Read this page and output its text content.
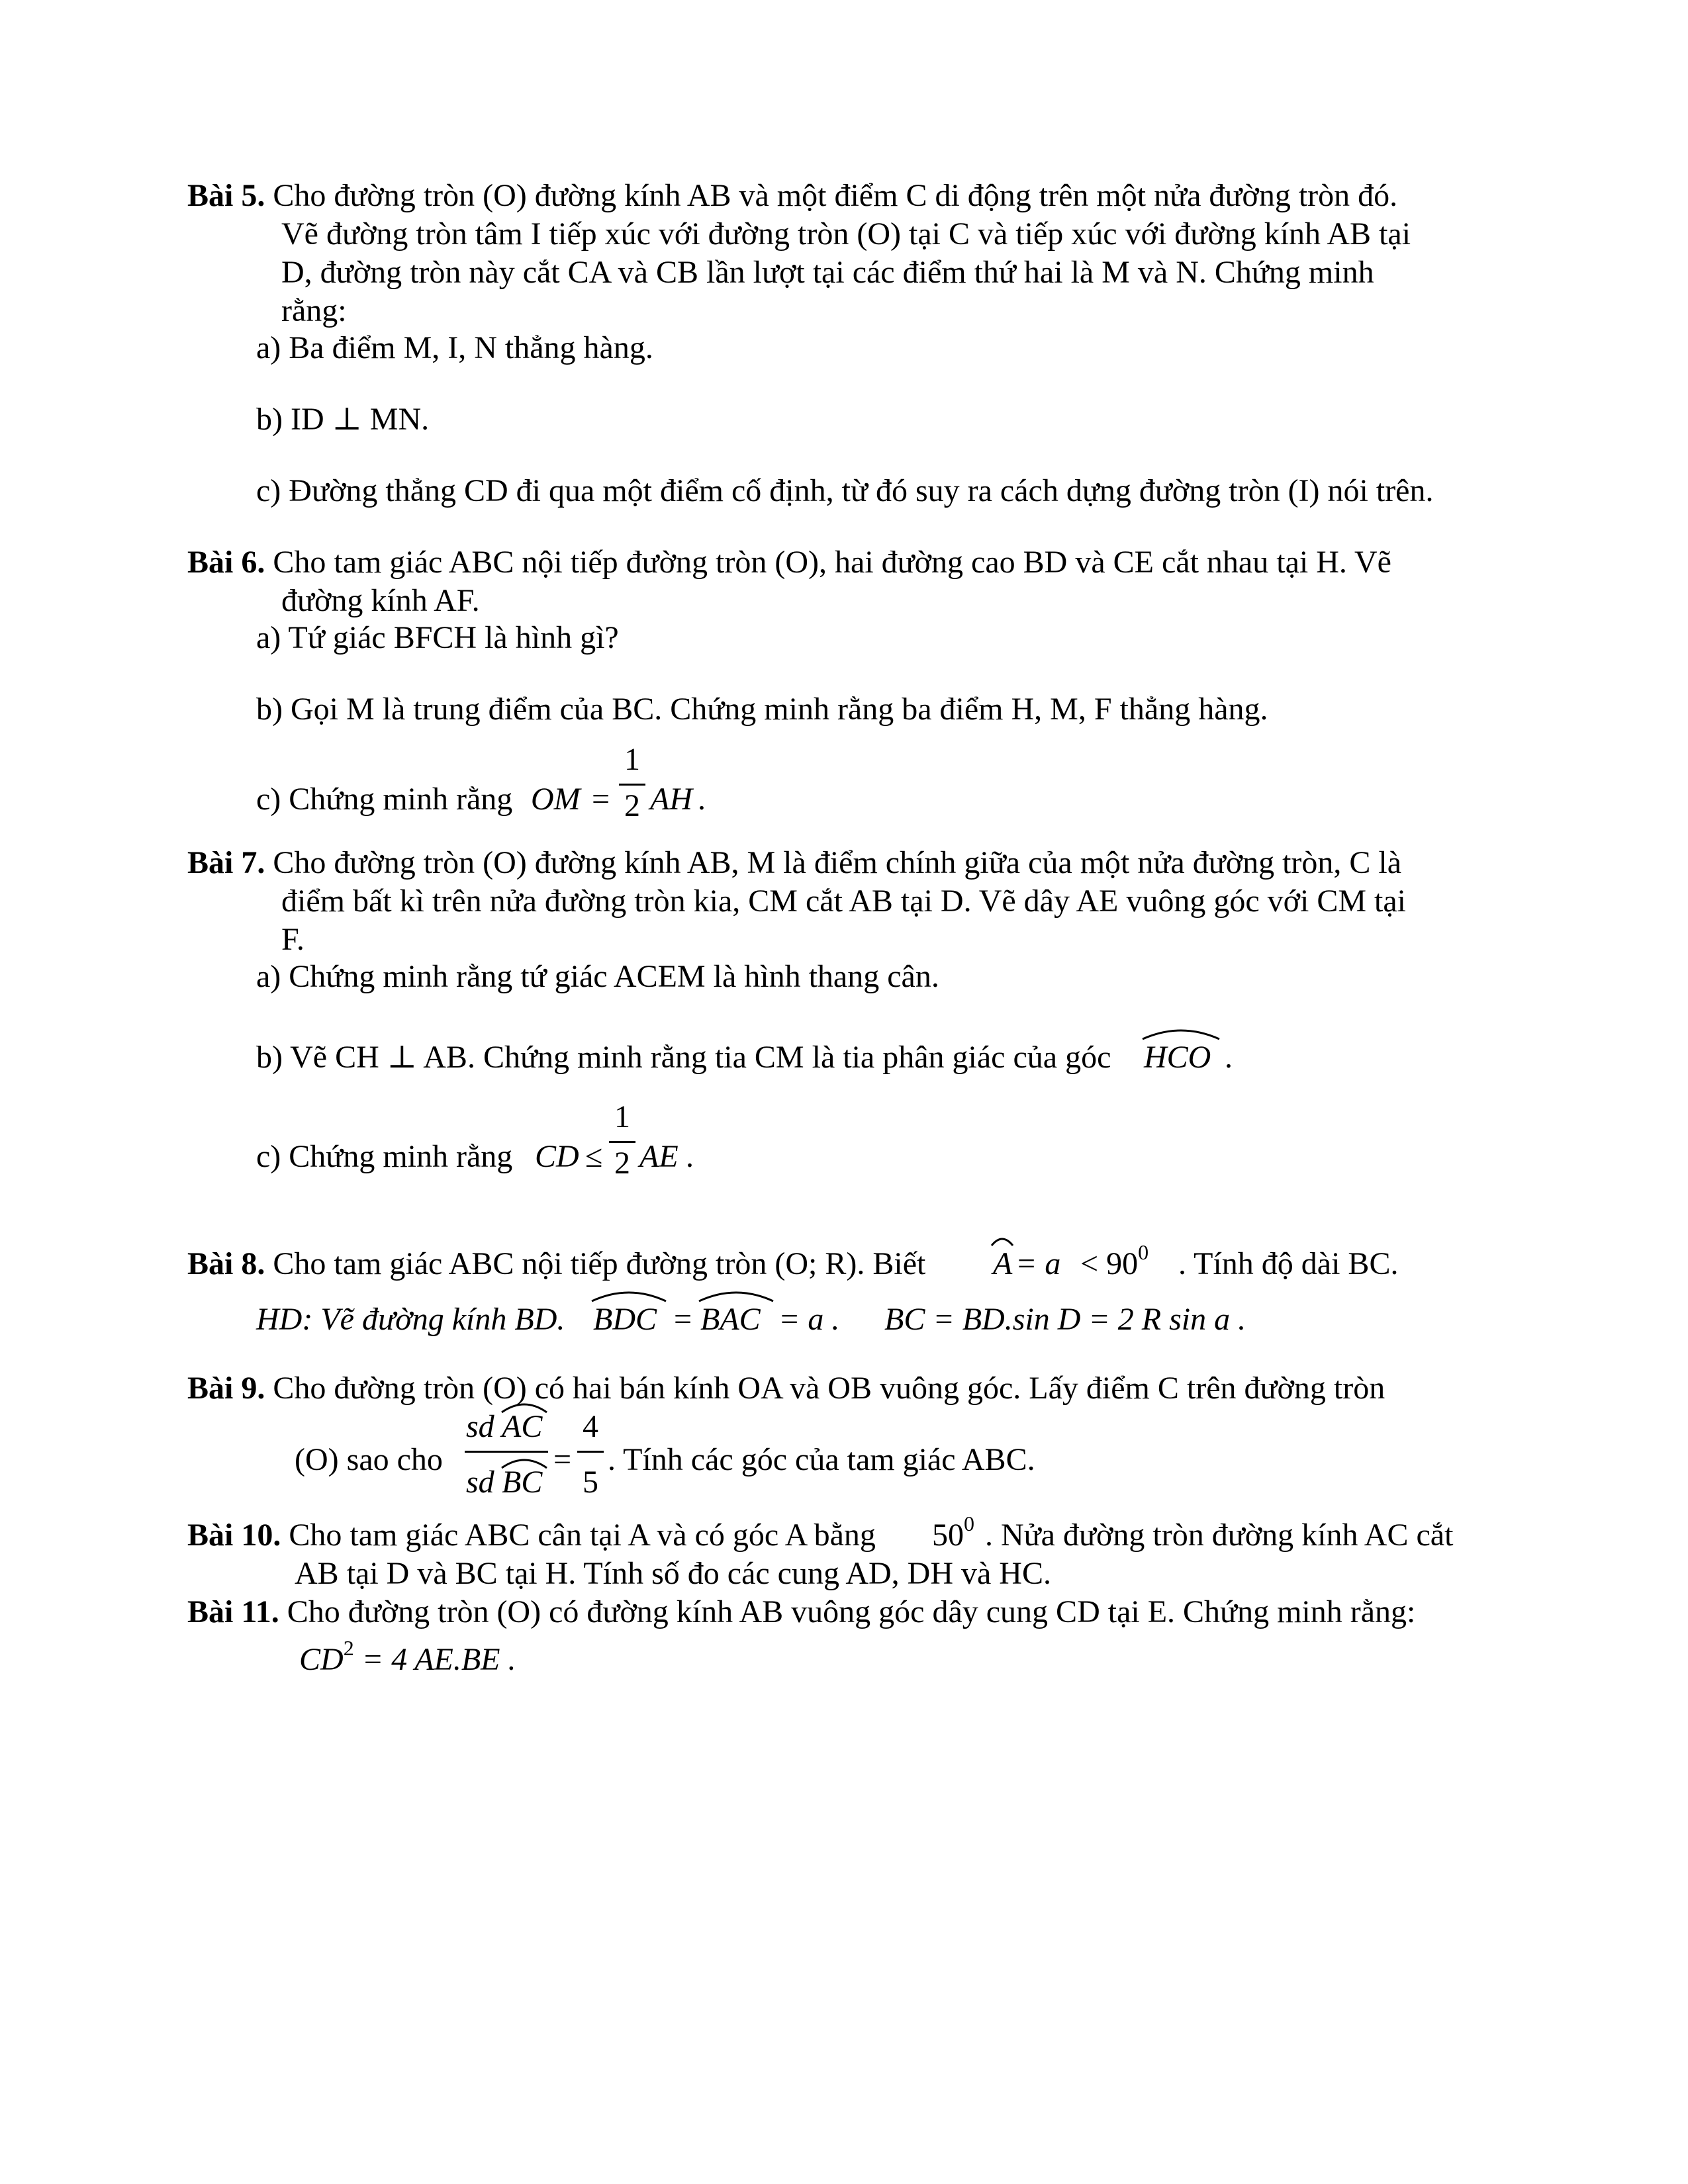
Bài 5. Cho đường tròn (O) đường kính AB và một điểm C di động trên một nửa đường tròn đó.
Vẽ đường tròn tâm I tiếp xúc với đường tròn (O) tại C và tiếp xúc với đường kính AB tại
D, đường tròn này cắt CA và CB lần lượt tại các điểm thứ hai là M và N. Chứng minh
rằng:
a) Ba điểm M, I, N thẳng hàng.
b) ID ⊥ MN.
c) Đường thẳng CD đi qua một điểm cố định, từ đó suy ra cách dựng đường tròn (I) nói trên.
Bài 6. Cho tam giác ABC nội tiếp đường tròn (O), hai đường cao BD và CE cắt nhau tại H. Vẽ
đường kính AF.
a) Tứ giác BFCH là hình gì?
b) Gọi M là trung điểm của BC. Chứng minh rằng ba điểm H, M, F thẳng hàng.
c) Chứng minh rằng OM =
1
2 AH .
Bài 7. Cho đường tròn (O) đường kính AB, M là điểm chính giữa của một nửa đường tròn, C là
điểm bất kì trên nửa đường tròn kia, CM cắt AB tại D. Vẽ dây AE vuông góc với CM tại
F.
a) Chứng minh rằng tứ giác ACEM là hình thang cân.
b) Vẽ CH ⊥ AB. Chứng minh rằng tia CM là tia phân giác của góc HCO .
c) Chứng minh rằng CD ≤
1
2 AE .
Bài 8. Cho tam giác ABC nội tiếp đường tròn (O; R). Biết $A = a < 90^0$ . Tính độ dài BC.
HD: Vẽ đường kính BD. BDC = BAC = a . BC = BD.sin D = 2 R sin a .
Bài 9. Cho đường tròn (O) có hai bán kính OA và OB vuông góc. Lấy điểm C trên đường tròn
(O) sao cho
sd AC
sd BC
=
4
5
. Tính các góc của tam giác ABC.
Bài 10. Cho tam giác ABC cân tại A và có góc A bằng $50^0$ . Nửa đường tròn đường kính AC cắt
AB tại D và BC tại H. Tính số đo các cung AD, DH và HC.
Bài 11. Cho đường tròn (O) có đường kính AB vuông góc dây cung CD tại E. Chứng minh rằng:
$CD^2 = 4$ AE.BE .
